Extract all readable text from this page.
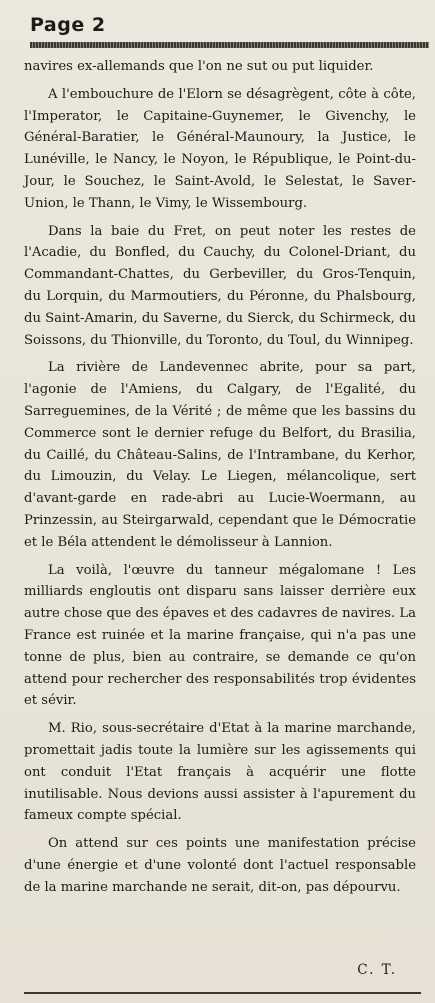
Page 2

navires ex-allemands que l'on ne sut ou put liquider.

A l'embouchure de l'Elorn se désagrègent, côte à côte, l'Imperator, le Capitaine-Guynemer, le Givenchy, le Général-Baratier, le Général-Maunoury, la Justice, le Lunéville, le Nancy, le Noyon, le République, le Point-du-Jour, le Souchez, le Saint-Avold, le Selestat, le Saver-Union, le Thann, le Vimy, le Wissembourg.

Dans la baie du Fret, on peut noter les restes de l'Acadie, du Bonfled, du Cauchy, du Colonel-Driant, du Commandant-Chattes, du Gerbeviller, du Gros-Tenquin, du Lorquin, du Marmoutiers, du Péronne, du Phalsbourg, du Saint-Amarin, du Saverne, du Sierck, du Schirmeck, du Soissons, du Thionville, du Toronto, du Toul, du Winnipeg.

La rivière de Landevennec abrite, pour sa part, l'agonie de l'Amiens, du Calgary, de l'Egalité, du Sarreguemines, de la Vérité ; de même que les bassins du Commerce sont le dernier refuge du Belfort, du Brasilia, du Caillé, du Château-Salins, de l'Intrambane, du Kerhor, du Limouzin, du Velay. Le Liegen, mélancolique, sert d'avant-garde en rade-abri au Lucie-Woermann, au Prinzessin, au Steirgarwald, cependant que le Démocratie et le Béla attendent le démolisseur à Lannion.

La voilà, l'œuvre du tanneur mégalomane ! Les milliards engloutis ont disparu sans laisser derrière eux autre chose que des épaves et des cadavres de navires. La France est ruinée et la marine française, qui n'a pas une tonne de plus, bien au contraire, se demande ce qu'on attend pour rechercher des responsabilités trop évidentes et sévir.

M. Rio, sous-secrétaire d'Etat à la marine marchande, promettait jadis toute la lumière sur les agissements qui ont conduit l'Etat français à acquérir une flotte inutilisable. Nous devions aussi assister à l'apurement du fameux compte spécial.

On attend sur ces points une manifestation précise d'une énergie et d'une volonté dont l'actuel responsable de la marine marchande ne serait, dit-on, pas dépourvu.

C. T.
